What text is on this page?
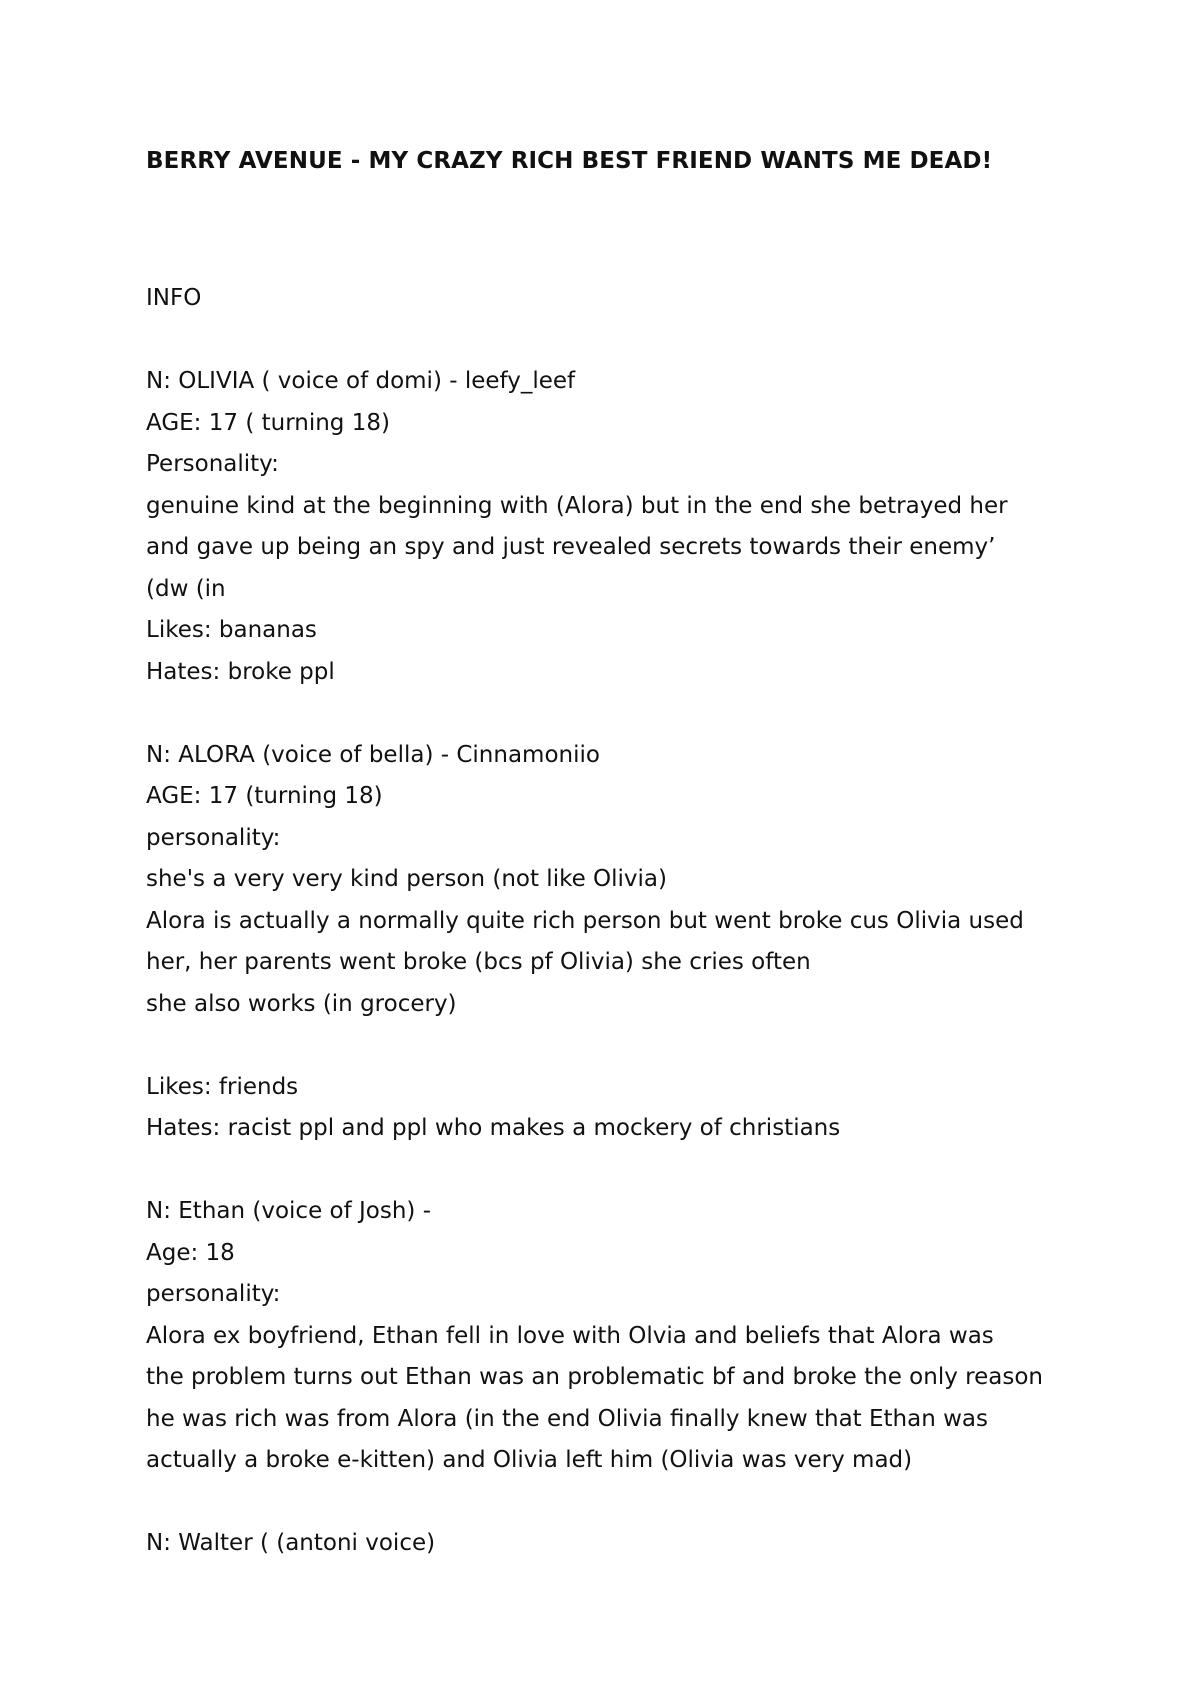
BERRY AVENUE - MY CRAZY RICH BEST FRIEND WANTS ME DEAD!
INFO
N: OLIVIA ( voice of domi) - leefy_leef
AGE: 17 ( turning 18)
Personality:
genuine kind at the beginning with (Alora) but in the end she betrayed her
and gave up being an spy and just revealed secrets towards their enemy’
(dw (in
Likes: bananas
Hates: broke ppl
N: ALORA (voice of bella) - Cinnamoniio
AGE: 17 (turning 18)
personality:
she's a very very kind person (not like Olivia)
Alora is actually a normally quite rich person but went broke cus Olivia used
her, her parents went broke (bcs pf Olivia) she cries often
she also works (in grocery)
Likes: friends
Hates: racist ppl and ppl who makes a mockery of christians
N: Ethan (voice of Josh) -
Age: 18
personality:
Alora ex boyfriend, Ethan fell in love with Olvia and beliefs that Alora was
the problem turns out Ethan was an problematic bf and broke the only reason
he was rich was from Alora (in the end Olivia finally knew that Ethan was
actually a broke e-kitten) and Olivia left him (Olivia was very mad)
N: Walter ( (antoni voice)
